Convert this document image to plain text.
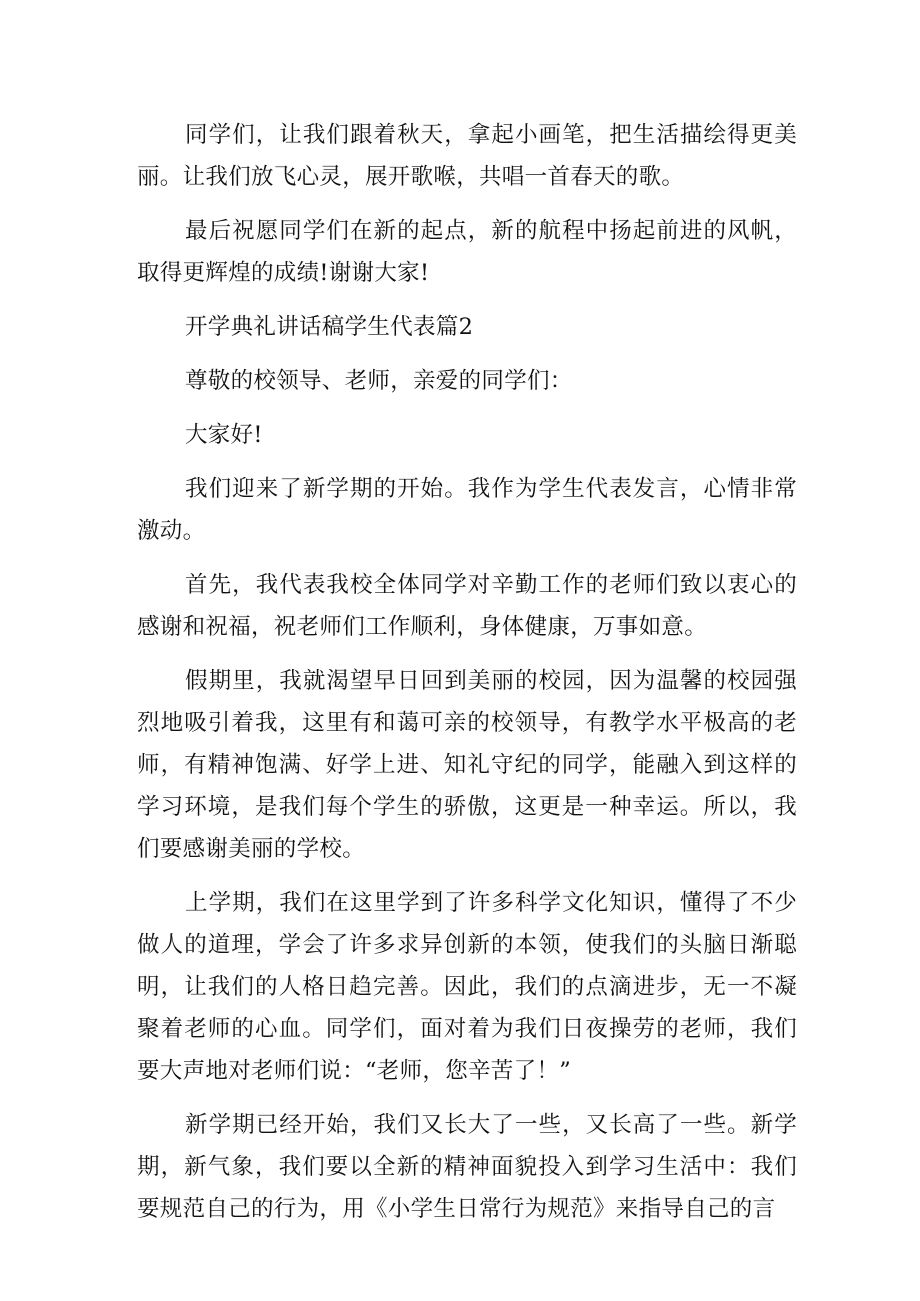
同学们，让我们跟着秋天，拿起小画笔，把生活描绘得更美丽。让我们放飞心灵，展开歌喉，共唱一首春天的歌。

最后祝愿同学们在新的起点，新的航程中扬起前进的风帆，取得更辉煌的成绩!谢谢大家!

开学典礼讲话稿学生代表篇2

尊敬的校领导、老师，亲爱的同学们：

大家好!

我们迎来了新学期的开始。我作为学生代表发言，心情非常激动。

首先，我代表我校全体同学对辛勤工作的老师们致以衷心的感谢和祝福，祝老师们工作顺利，身体健康，万事如意。

假期里，我就渴望早日回到美丽的校园，因为温馨的校园强烈地吸引着我，这里有和蔼可亲的校领导，有教学水平极高的老师，有精神饱满、好学上进、知礼守纪的同学，能融入到这样的学习环境，是我们每个学生的骄傲，这更是一种幸运。所以，我们要感谢美丽的学校。

上学期，我们在这里学到了许多科学文化知识，懂得了不少做人的道理，学会了许多求异创新的本领，使我们的头脑日渐聪明，让我们的人格日趋完善。因此，我们的点滴进步，无一不凝聚着老师的心血。同学们，面对着为我们日夜操劳的老师，我们要大声地对老师们说：“老师，您辛苦了！”

新学期已经开始，我们又长大了一些，又长高了一些。新学期，新气象，我们要以全新的精神面貌投入到学习生活中：我们要规范自己的行为，用《小学生日常行为规范》来指导自己的言
